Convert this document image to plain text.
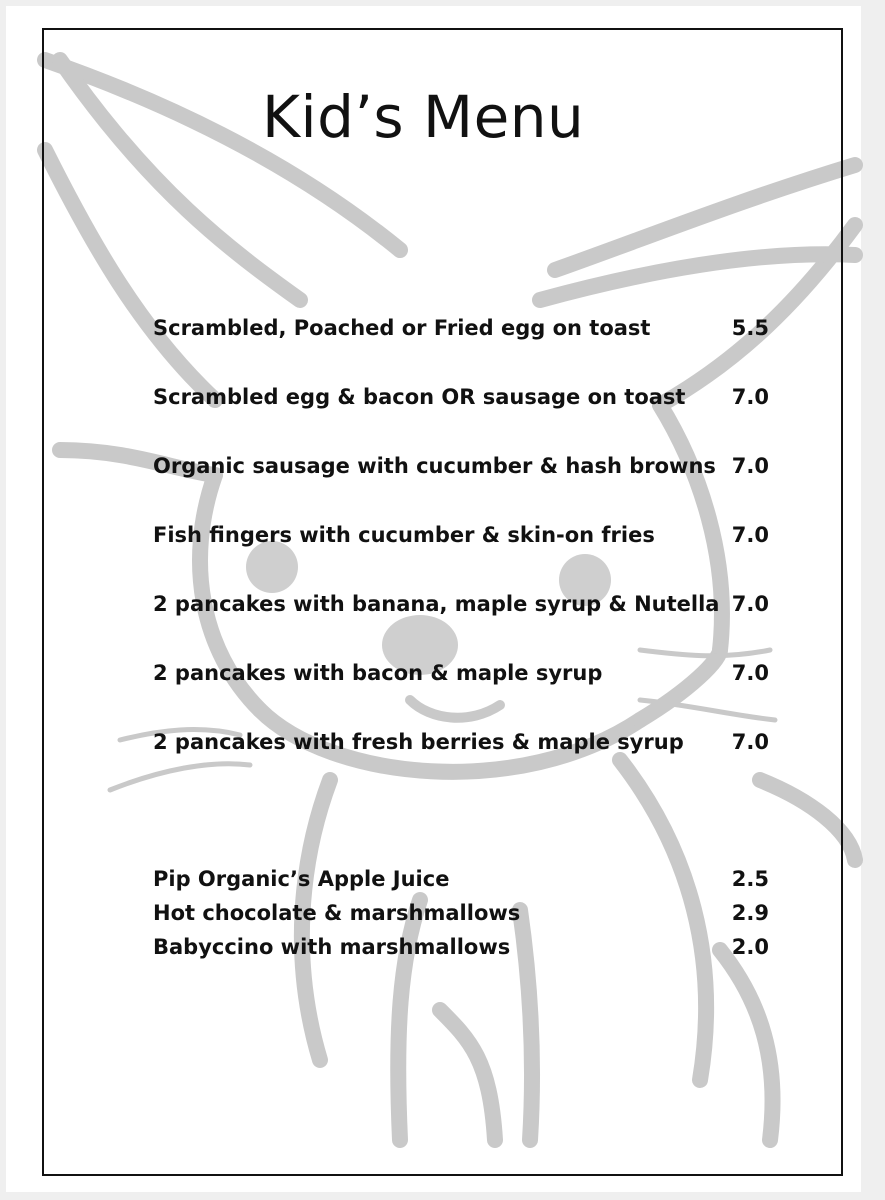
Kid’s Menu
Scrambled, Poached or Fried egg on toast	5.5
Scrambled egg & bacon OR sausage on toast 7.0
Organic sausage with cucumber & hash browns 7.0
Fish fingers with cucumber & skin-on fries	7.0
2 pancakes with banana, maple syrup & Nutella 7.0
2 pancakes with bacon & maple syrup	7.0
2 pancakes with fresh berries & maple syrup 7.0
Pip Organic’s Apple Juice	2.5
Hot chocolate & marshmallows	2.9
Babyccino with marshmallows	2.0
